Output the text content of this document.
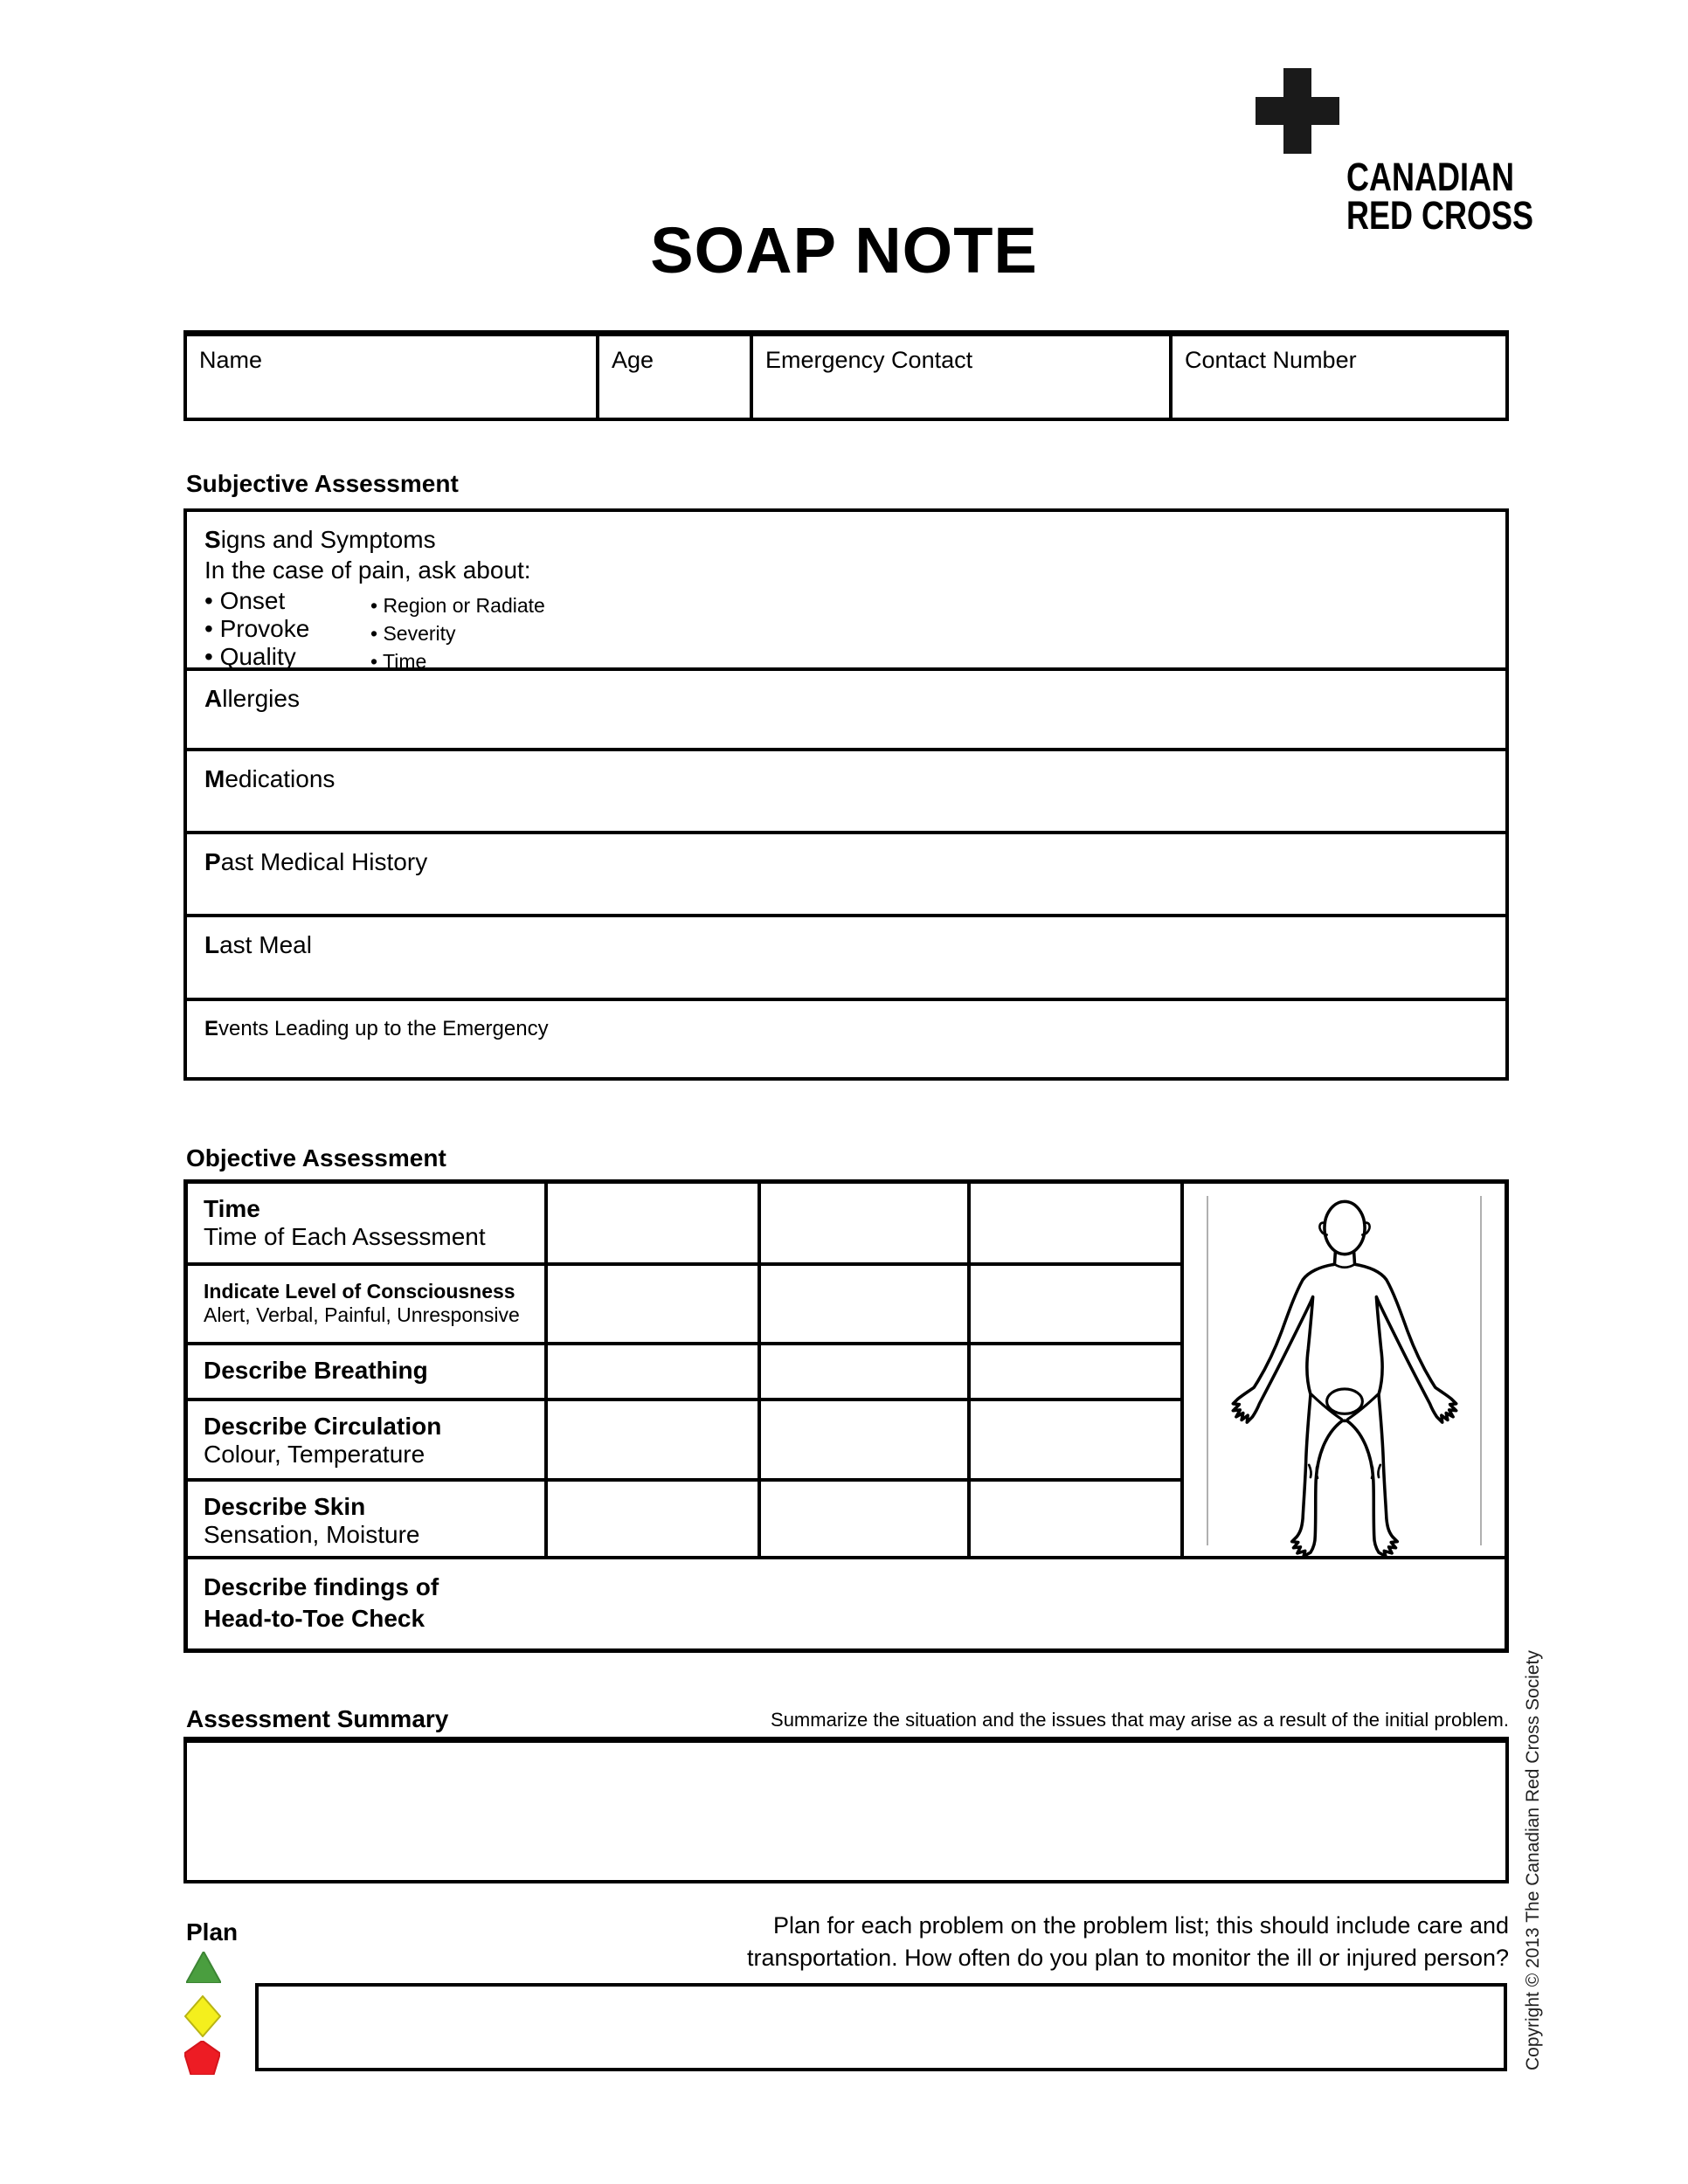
CANADIAN
RED CROSS
SOAP NOTE
Name	Age	Emergency Contact	Contact Number
Subjective Assessment
Signs and Symptoms
In the case of pain, ask about:
• Onset
• Provoke
• Quality
• Region or Radiate
• Severity
• Time
Allergies
Medications
Past Medical History
Last Meal
Events Leading up to the Emergency
Objective Assessment
Time
Time of Each Assessment
Indicate Level of Consciousness
Alert, Verbal, Painful, Unresponsive
Describe Breathing
Describe Circulation
Colour, Temperature
Describe Skin
Sensation, Moisture
Describe findings of
Head-to-Toe Check
Assessment Summary	Summarize the situation and the issues that may arise as a result of the initial problem.
Plan	Plan for each problem on the problem list; this should include care and
transportation. How often do you plan to monitor the ill or injured person? Copyright © 2013 The Canadian Red Cross Society
